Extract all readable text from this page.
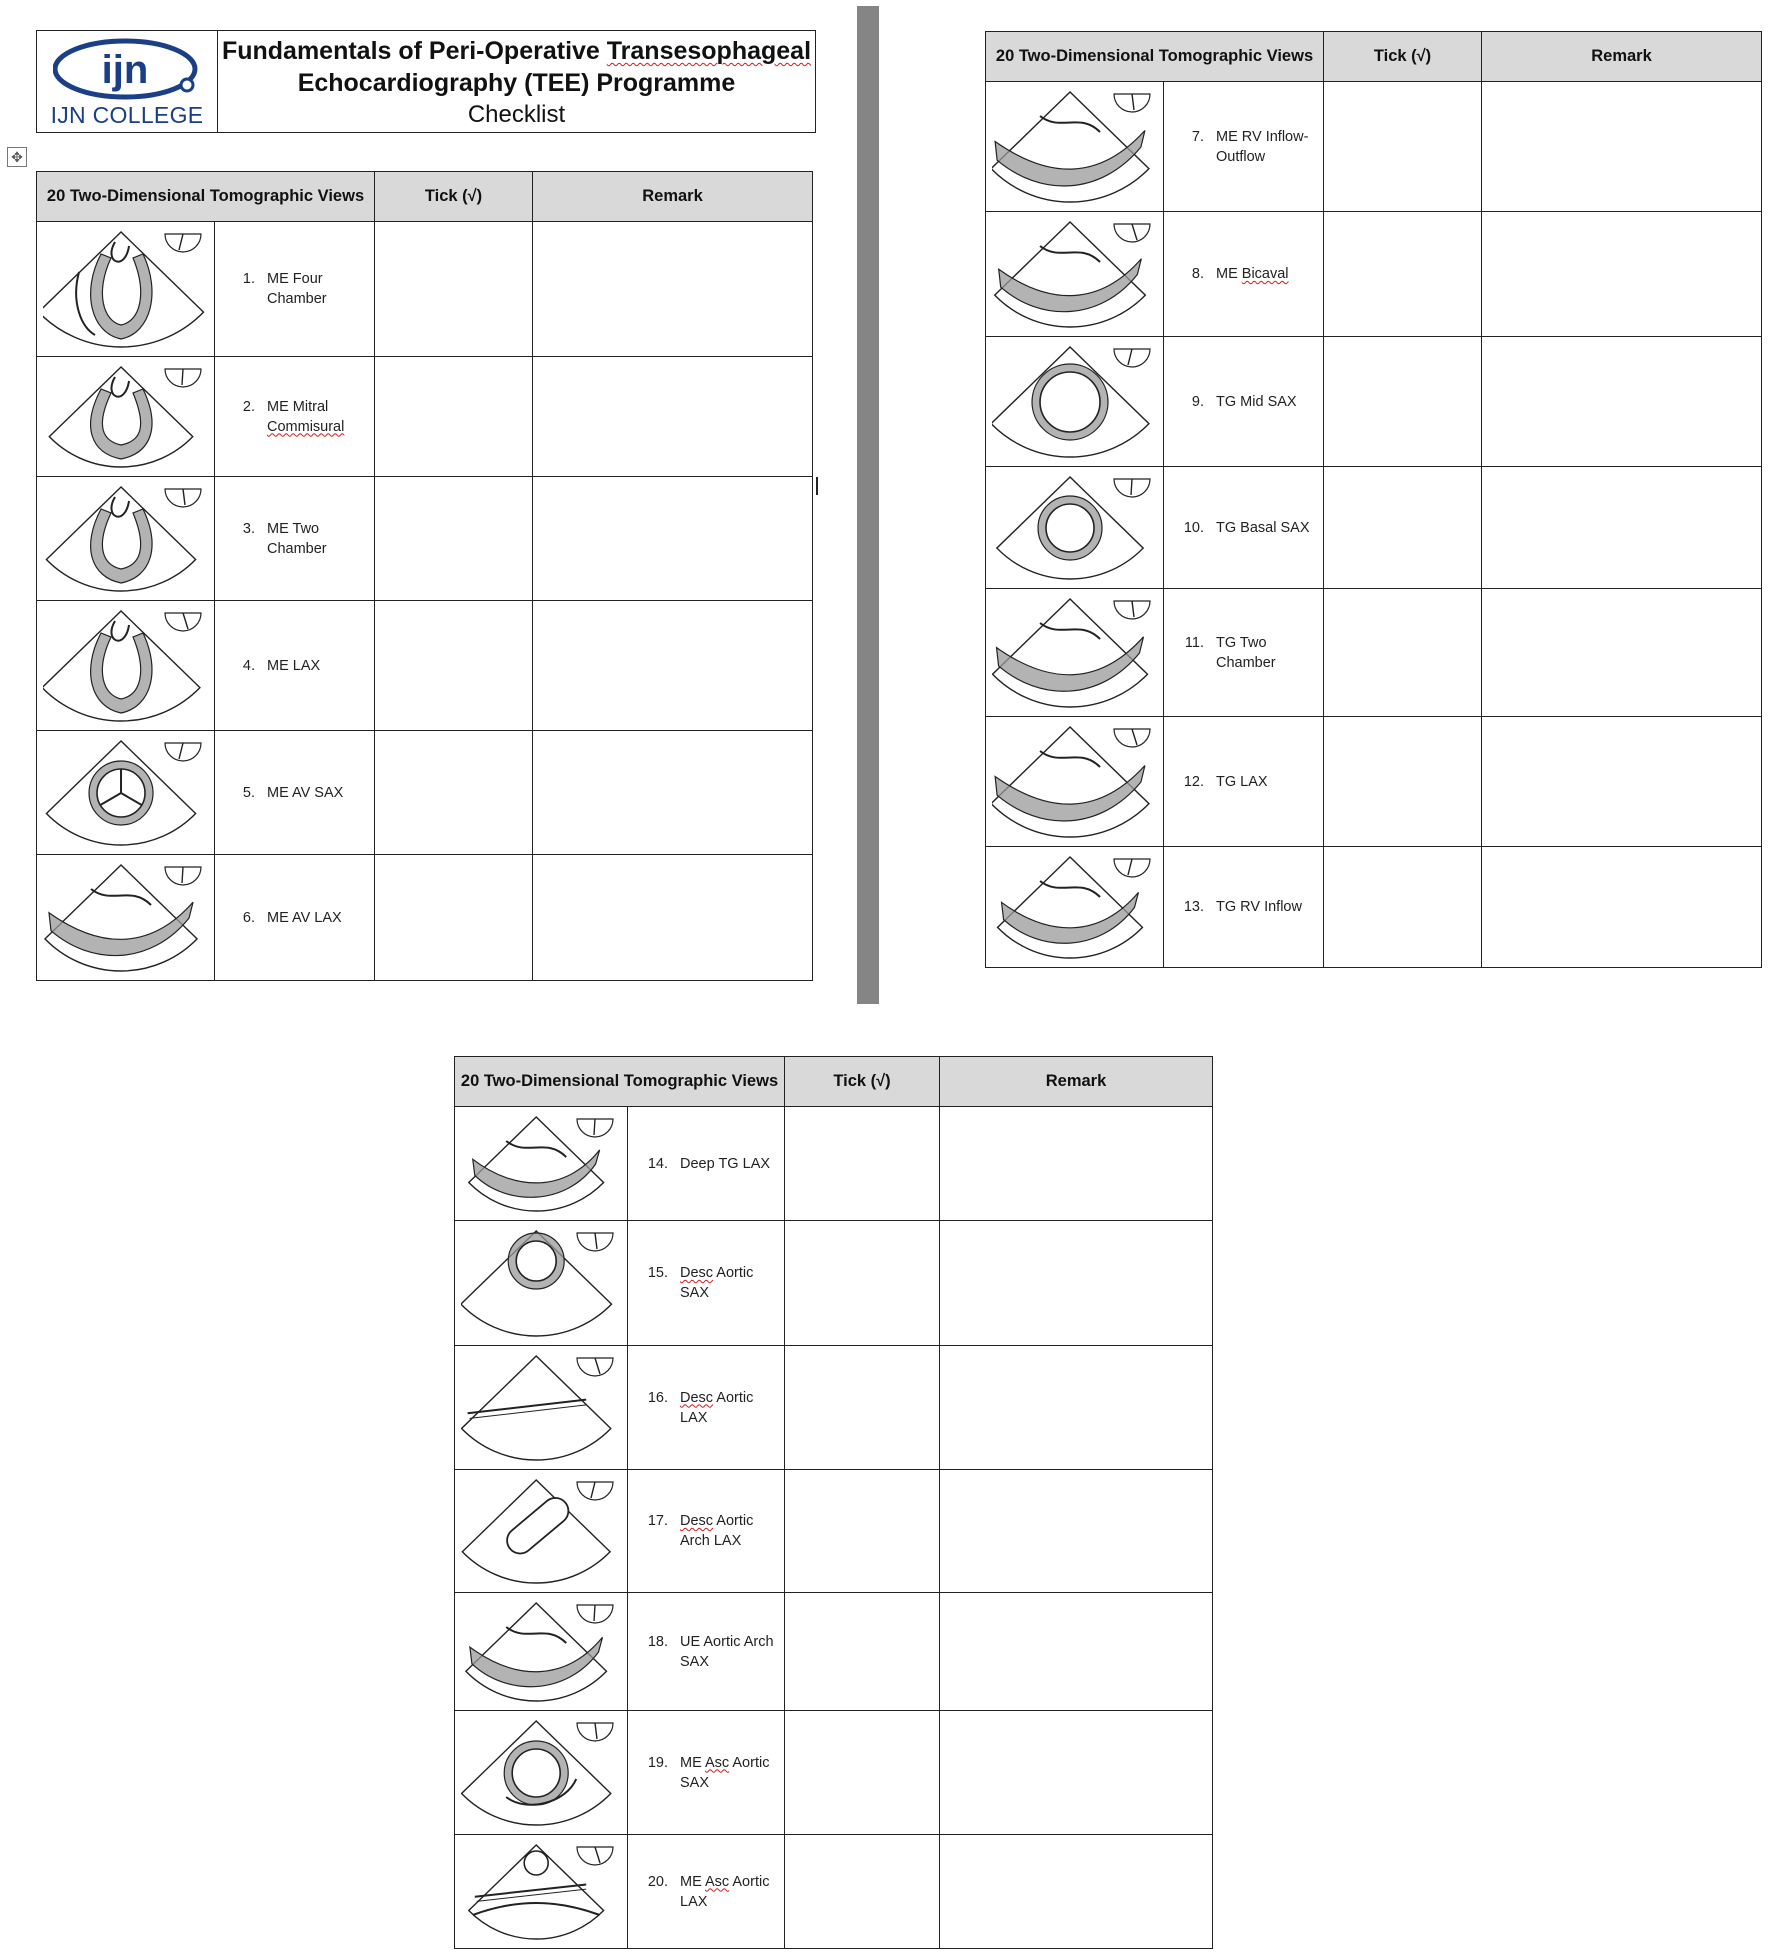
ijn
IJN COLLEGE
Fundamentals of Peri-Operative Transesophageal
Echocardiography (TEE) Programme
Checklist
✥
20 Two-Dimensional Tomographic Views		Tick (√)	Remark

1. ME Four Chamber		

2. ME Mitral Commisural		

3. ME Two Chamber		

4. ME LAX		

5. ME AV SAX		

6. ME AV LAX		

20 Two-Dimensional Tomographic Views		Tick (√)	Remark

7. ME RV Inflow-Outflow		

8. ME Bicaval		

9. TG Mid SAX		

10. TG Basal SAX		

11. TG Two Chamber		

12. TG LAX		

13. TG RV Inflow		

20 Two-Dimensional Tomographic Views		Tick (√)	Remark

14. Deep TG LAX		

15. Desc Aortic SAX		

16. Desc Aortic LAX		

17. Desc Aortic Arch LAX		

18. UE Aortic Arch SAX		

19. ME Asc Aortic SAX		

20. ME Asc Aortic LAX		
